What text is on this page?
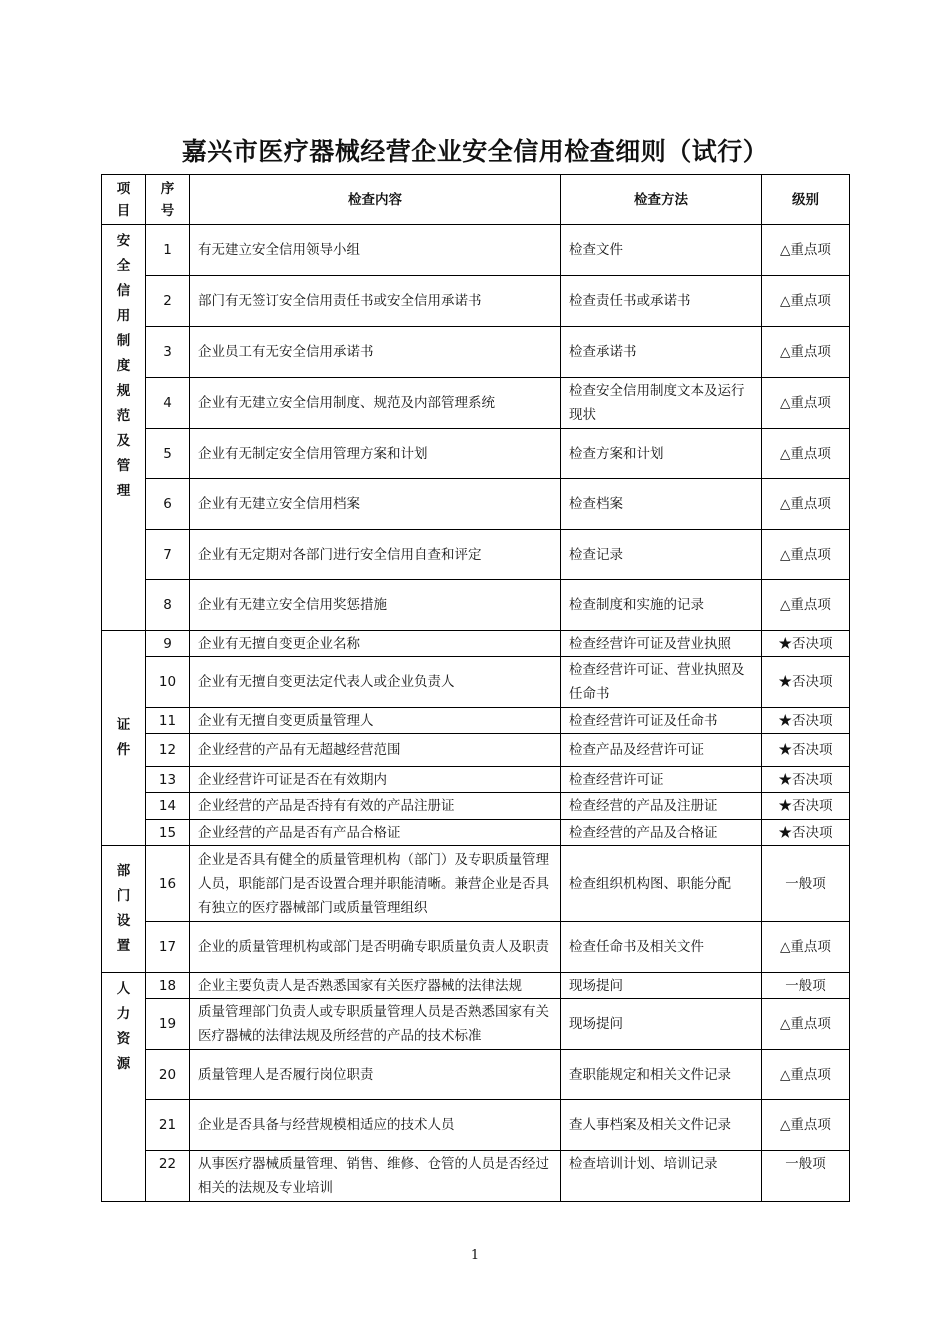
嘉兴市医疗器械经营企业安全信用检查细则（试行）
项目	序号	检查内容	检查方法	级别

安全信用制度规范及管理	1	有无建立安全信用领导小组	检查文件	△重点项
	2	部门有无签订安全信用责任书或安全信用承诺书	检查责任书或承诺书	△重点项
	3	企业员工有无安全信用承诺书	检查承诺书	△重点项
	4	企业有无建立安全信用制度、规范及内部管理系统	检查安全信用制度文本及运行现状	△重点项
	5	企业有无制定安全信用管理方案和计划	检查方案和计划	△重点项
	6	企业有无建立安全信用档案	检查档案	△重点项
	7	企业有无定期对各部门进行安全信用自查和评定	检查记录	△重点项
	8	企业有无建立安全信用奖惩措施	检查制度和实施的记录	△重点项

证件	9	企业有无擅自变更企业名称	检查经营许可证及营业执照	★否决项
	10	企业有无擅自变更法定代表人或企业负责人	检查经营许可证、营业执照及任命书	★否决项
	11	企业有无擅自变更质量管理人	检查经营许可证及任命书	★否决项
	12	企业经营的产品有无超越经营范围	检查产品及经营许可证	★否决项
	13	企业经营许可证是否在有效期内	检查经营许可证	★否决项
	14	企业经营的产品是否持有有效的产品注册证	检查经营的产品及注册证	★否决项
	15	企业经营的产品是否有产品合格证	检查经营的产品及合格证	★否决项

部门设置	16	企业是否具有健全的质量管理机构（部门）及专职质量管理人员，职能部门是否设置合理并职能清晰。兼营企业是否具有独立的医疗器械部门或质量管理组织	检查组织机构图、职能分配	一般项
	17	企业的质量管理机构或部门是否明确专职质量负责人及职责	检查任命书及相关文件	△重点项

人力资源	18	企业主要负责人是否熟悉国家有关医疗器械的法律法规	现场提问	一般项
	19	质量管理部门负责人或专职质量管理人员是否熟悉国家有关医疗器械的法律法规及所经营的产品的技术标准	现场提问	△重点项
	20	质量管理人是否履行岗位职责	查职能规定和相关文件记录	△重点项
	21	企业是否具备与经营规模相适应的技术人员	查人事档案及相关文件记录	△重点项
	22	从事医疗器械质量管理、销售、维修、仓管的人员是否经过相关的法规及专业培训	检查培训计划、培训记录	一般项
1
